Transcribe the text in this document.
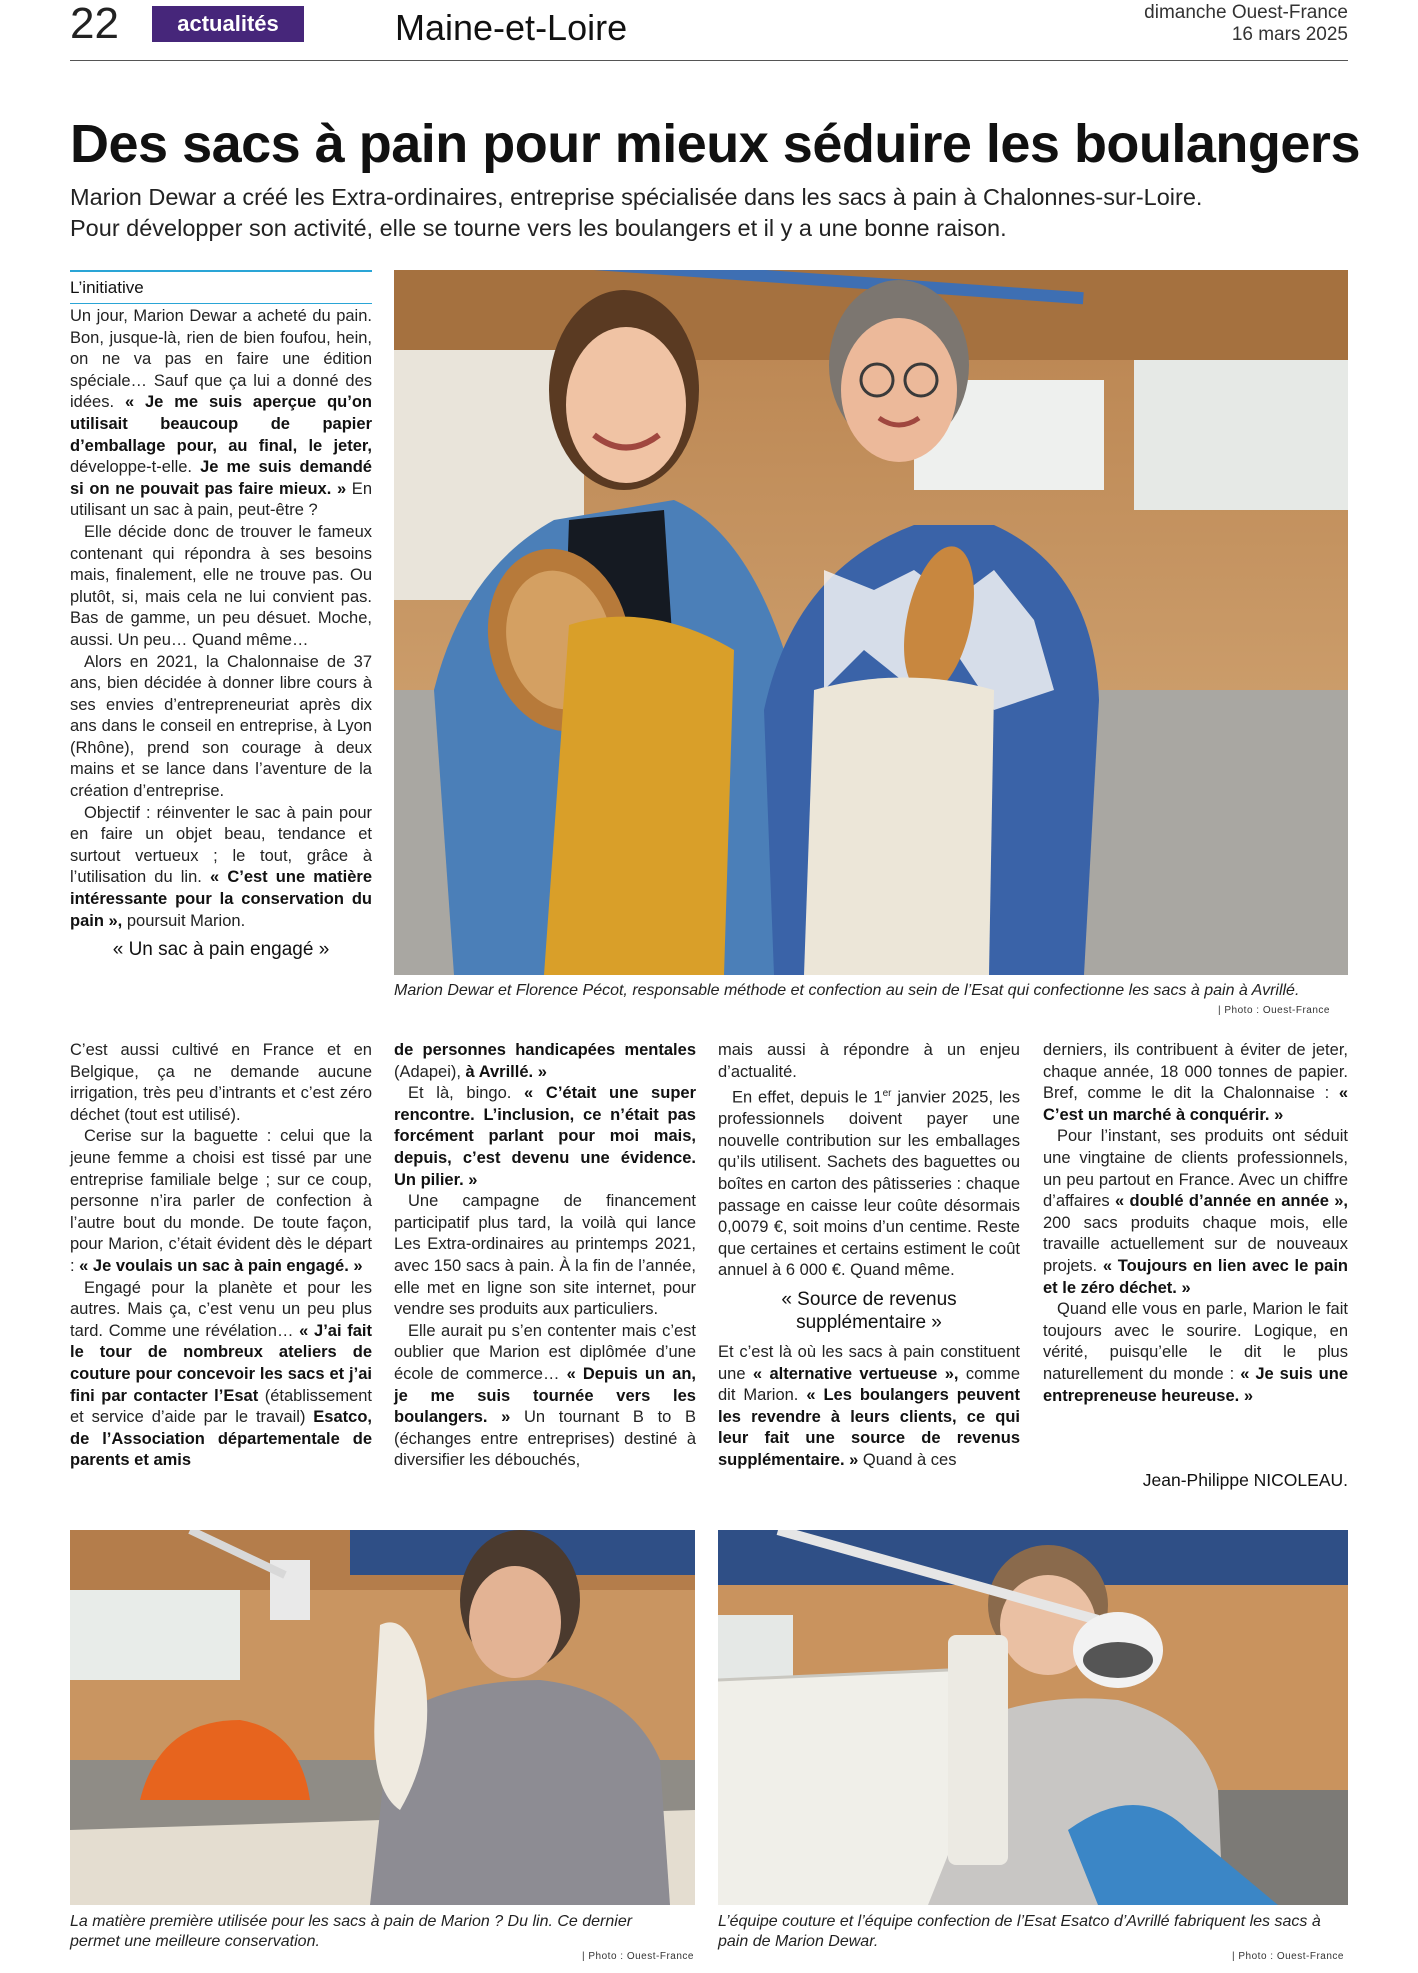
22	actualités	Maine-et-Loire	dimanche Ouest-France
16 mars 2025
Des sacs à pain pour mieux séduire les boulangers
Marion Dewar a créé les Extra-ordinaires, entreprise spécialisée dans les sacs à pain à Chalonnes-sur-Loire. Pour développer son activité, elle se tourne vers les boulangers et il y a une bonne raison.
L’initiative

Un jour, Marion Dewar a acheté du pain. Bon, jusque-là, rien de bien foufou, hein, on ne va pas en faire une édition spéciale… Sauf que ça lui a donné des idées. « Je me suis aperçue qu’on utilisait beaucoup de papier d’emballage pour, au final, le jeter, développe-t-elle. Je me suis demandé si on ne pouvait pas faire mieux. » En utilisant un sac à pain, peut-être ?

Elle décide donc de trouver le fameux contenant qui répondra à ses besoins mais, finalement, elle ne trouve pas. Ou plutôt, si, mais cela ne lui convient pas. Bas de gamme, un peu désuet. Moche, aussi. Un peu… Quand même…

Alors en 2021, la Chalonnaise de 37 ans, bien décidée à donner libre cours à ses envies d’entrepreneuriat après dix ans dans le conseil en entreprise, à Lyon (Rhône), prend son courage à deux mains et se lance dans l’aventure de la création d’entreprise.

Objectif : réinventer le sac à pain pour en faire un objet beau, tendance et surtout vertueux ; le tout, grâce à l’utilisation du lin. « C’est une matière intéressante pour la conservation du pain », poursuit Marion.

« Un sac à pain engagé »

C’est aussi cultivé en France et en Belgique, ça ne demande aucune irrigation, très peu d’intrants et c’est zéro déchet (tout est utilisé).

Cerise sur la baguette : celui que la jeune femme a choisi est tissé par une entreprise familiale belge ; sur ce coup, personne n’ira parler de confection à l’autre bout du monde. De toute façon, pour Marion, c’était évident dès le départ : « Je voulais un sac à pain engagé. »

Engagé pour la planète et pour les autres. Mais ça, c’est venu un peu plus tard. Comme une révélation… « J’ai fait le tour de nombreux ateliers de couture pour concevoir les sacs et j’ai fini par contacter l’Esat (établissement et service d’aide par le travail) Esatco, de l’Association départementale de parents et amis

de personnes handicapées mentales (Adapei), à Avrillé. »

Et là, bingo. « C’était une super rencontre. L’inclusion, ce n’était pas forcément parlant pour moi mais, depuis, c’est devenu une évidence. Un pilier. »

Une campagne de financement participatif plus tard, la voilà qui lance Les Extra-ordinaires au printemps 2021, avec 150 sacs à pain. À la fin de l’année, elle met en ligne son site internet, pour vendre ses produits aux particuliers.

Elle aurait pu s’en contenter mais c’est oublier que Marion est diplômée d’une école de commerce… « Depuis un an, je me suis tournée vers les boulangers. » Un tournant B to B (échanges entre entreprises) destiné à diversifier les débouchés,

mais aussi à répondre à un enjeu d’actualité.

En effet, depuis le 1er janvier 2025, les professionnels doivent payer une nouvelle contribution sur les emballages qu’ils utilisent. Sachets des baguettes ou boîtes en carton des pâtisseries : chaque passage en caisse leur coûte désormais 0,0079 €, soit moins d’un centime. Reste que certaines et certains estiment le coût annuel à 6 000 €. Quand même.

« Source de revenus supplémentaire »

Et c’est là où les sacs à pain constituent une « alternative vertueuse », comme dit Marion. « Les boulangers peuvent les revendre à leurs clients, ce qui leur fait une source de revenus supplémentaire. » Quand à ces

derniers, ils contribuent à éviter de jeter, chaque année, 18 000 tonnes de papier. Bref, comme le dit la Chalonnaise : « C’est un marché à conquérir. »

Pour l’instant, ses produits ont séduit une vingtaine de clients professionnels, un peu partout en France. Avec un chiffre d’affaires « doublé d’année en année », 200 sacs produits chaque mois, elle travaille actuellement sur de nouveaux projets. « Toujours en lien avec le pain et le zéro déchet. »

Quand elle vous en parle, Marion le fait toujours avec le sourire. Logique, en vérité, puisqu’elle le dit le plus naturellement du monde : « Je suis une entrepreneuse heureuse. »

Jean-Philippe NICOLEAU.
Marion Dewar et Florence Pécot, responsable méthode et confection au sein de l’Esat qui confectionne les sacs à pain à Avrillé.
| Photo : Ouest-France
La matière première utilisée pour les sacs à pain de Marion ? Du lin. Ce dernier permet une meilleure conservation.
| Photo : Ouest-France
L’équipe couture et l’équipe confection de l’Esat Esatco d’Avrillé fabriquent les sacs à pain de Marion Dewar.
| Photo : Ouest-France
